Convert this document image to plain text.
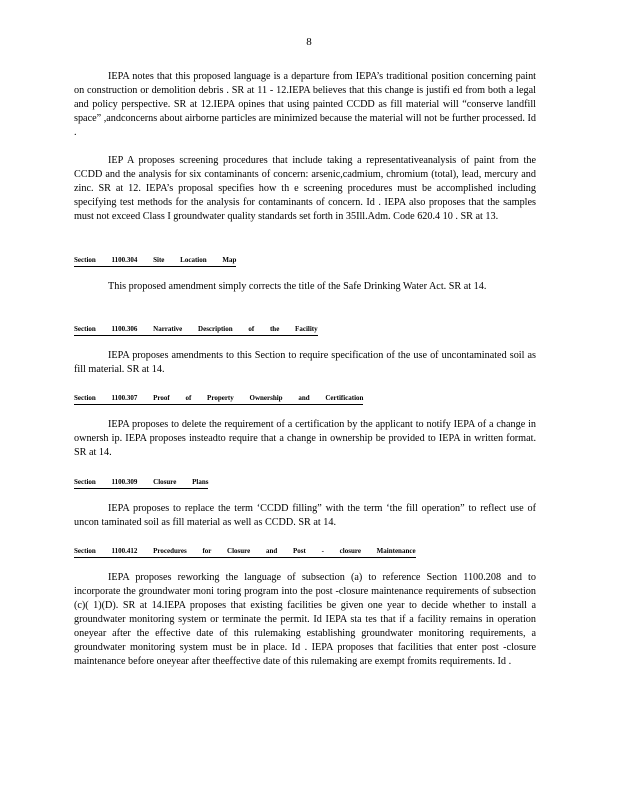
8

IEPA notes that this proposed language is a departure from IEPA’s traditional position concerning paint on construction or demolition debris . SR at 11 - 12.IEPA believes that this change is justifi ed from both a legal and policy perspective. SR at 12.IEPA opines that using painted CCDD as fill material will “conserve landfill space” ,andconcerns about airborne particles are minimized because the material will not be further processed. Id .

IEP A proposes screening procedures that include taking a representativeanalysis of paint from the CCDD and the analysis for six contaminants of concern: arsenic,cadmium, chromium (total), lead, mercury and zinc. SR at 12. IEPA’s proposal specifies how th e screening procedures must be accomplished including specifying test methods for the analysis for contaminants of concern. Id . IEPA also proposes that the samples must not exceed Class I groundwater quality standards set forth in 35Ill.Adm. Code 620.4 10 . SR at 13.

Section 1100.304 Site Location Map

This proposed amendment simply corrects the title of the Safe Drinking Water Act. SR at 14.

Section 1100.306 Narrative Description of the Facility

IEPA proposes amendments to this Section to require specification of the use of uncontaminated soil as fill material. SR at 14.

Section 1100.307 Proof of Property Ownership and Certification

IEPA proposes to delete the requirement of a certification by the applicant to notify IEPA of a change in ownersh ip. IEPA proposes insteadto require that a change in ownership be provided to IEPA in written format. SR at 14.

Section 1100.309 Closure Plans

IEPA proposes to replace the term ‘CCDD filling” with the term ‘the fill operation” to reflect use of uncon taminated soil as fill material as well as CCDD. SR at 14.

Section 1100.412 Procedures for Closure and Post - closure Maintenance

IEPA proposes reworking the language of subsection (a) to reference Section 1100.208 and to incorporate the groundwater moni toring program into the post -closure maintenance requirements of subsection (c)( 1)(D). SR at 14.IEPA proposes that existing facilities be given one year to decide whether to install a groundwater monitoring system or terminate the permit. Id IEPA sta tes that if a facility remains in operation oneyear after the effective date of this rulemaking establishing groundwater monitoring requirements, a groundwater monitoring system must be in place. Id . IEPA proposes that facilities that enter post -closure maintenance before oneyear after theeffective date of this rulemaking are exempt fromits requirements. Id .
